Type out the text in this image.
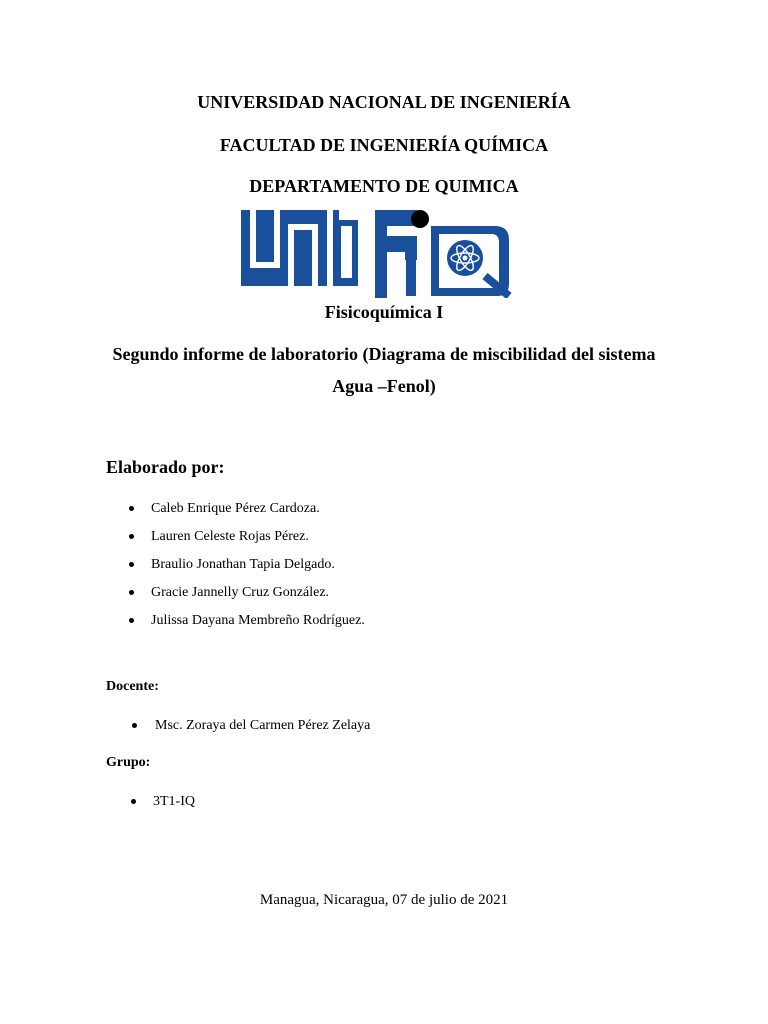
UNIVERSIDAD NACIONAL DE INGENIERÍA
FACULTAD DE INGENIERÍA QUÍMICA
DEPARTAMENTO DE QUIMICA
Fisicoquímica I
Segundo informe de laboratorio (Diagrama de miscibilidad del sistema
Agua –Fenol)
Elaborado por:
Caleb Enrique Pérez Cardoza.
Lauren Celeste Rojas Pérez.
Braulio Jonathan Tapia Delgado.
Gracie Jannelly Cruz González.
Julissa Dayana Membreño Rodríguez.
Docente:
Msc. Zoraya del Carmen Pérez Zelaya
Grupo:
3T1-IQ
Managua, Nicaragua, 07 de julio de 2021
